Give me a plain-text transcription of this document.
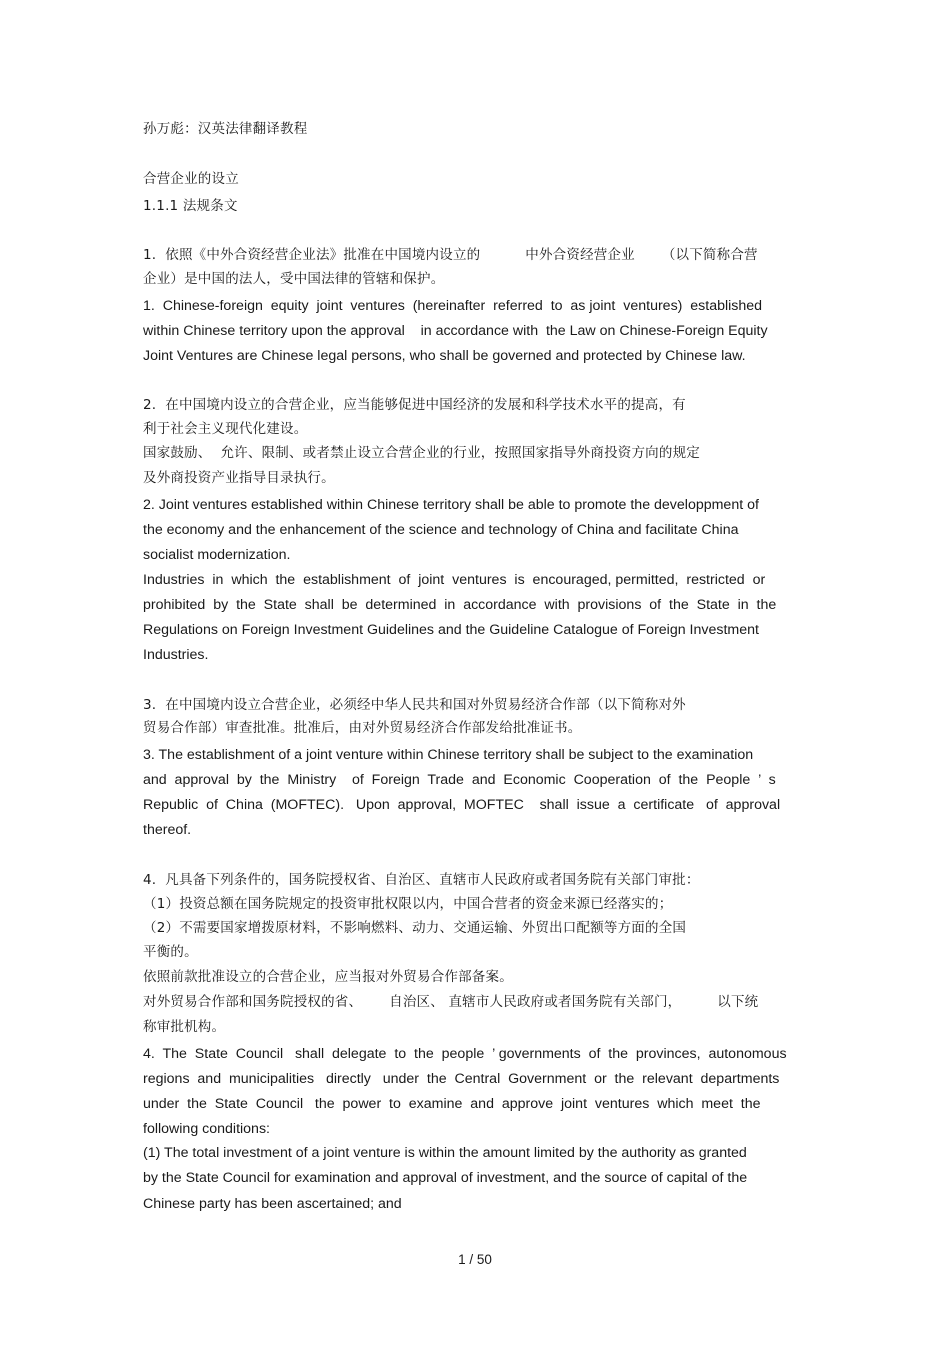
孙万彪：汉英法律翻译教程
合营企业的设立
1.1.1 法规条文
1.  依照《中外合资经营企业法》批准在中国境内设立的          中外合资经营企业      （以下简称合营
企业）是中国的法人，受中国法律的管辖和保护。
1.  Chinese-foreign  equity  joint  ventures  (hereinafter  referred  to  as joint  ventures)  established
within Chinese territory upon the approval    in accordance with  the Law on Chinese-Foreign Equity
Joint Ventures are Chinese legal persons, who shall be governed and protected by Chinese law.
2.  在中国境内设立的合营企业，应当能够促进中国经济的发展和科学技术水平的提高，有
利于社会主义现代化建设。
国家鼓励、  允许、限制、或者禁止设立合营企业的行业，按照国家指导外商投资方向的规定
及外商投资产业指导目录执行。
2. Joint ventures established within Chinese territory shall be able to promote the developpment of
the economy and the enhancement of the science and technology of China and facilitate China
socialist modernization.
Industries  in  which  the  establishment  of  joint  ventures  is  encouraged, permitted,  restricted  or
prohibited  by  the  State  shall  be  determined  in  accordance  with  provisions  of  the  State  in  the
Regulations on Foreign Investment Guidelines and the Guideline Catalogue of Foreign Investment
Industries.
3.  在中国境内设立合营企业，必须经中华人民共和国对外贸易经济合作部（以下简称对外
贸易合作部）审查批准。批准后，由对外贸易经济合作部发给批准证书。
3. The establishment of a joint venture within Chinese territory shall be subject to the examination
and  approval  by  the  Ministry    of  Foreign  Trade  and  Economic  Cooperation  of  the  People  ’  s
Republic  of  China  (MOFTEC).   Upon  approval,  MOFTEC    shall  issue  a  certificate   of  approval
thereof.
4.  凡具备下列条件的，国务院授权省、自治区、直辖市人民政府或者国务院有关部门审批：
（1）投资总额在国务院规定的投资审批权限以内，中国合营者的资金来源已经落实的；
（2）不需要国家增拨原材料，不影响燃料、动力、交通运输、外贸出口配额等方面的全国
平衡的。
依照前款批准设立的合营企业，应当报对外贸易合作部备案。
对外贸易合作部和国务院授权的省、      自治区、 直辖市人民政府或者国务院有关部门，        以下统
称审批机构。
4.  The  State  Council   shall  delegate  to  the  people  ’ governments  of  the  provinces,  autonomous
regions  and  municipalities   directly   under  the  Central  Government  or  the  relevant  departments
under  the  State  Council   the  power  to  examine  and  approve  joint  ventures  which  meet  the
following conditions:
(1) The total investment of a joint venture is within the amount limited by the authority as granted
by the State Council for examination and approval of investment, and the source of capital of the
Chinese party has been ascertained; and
1 / 50
